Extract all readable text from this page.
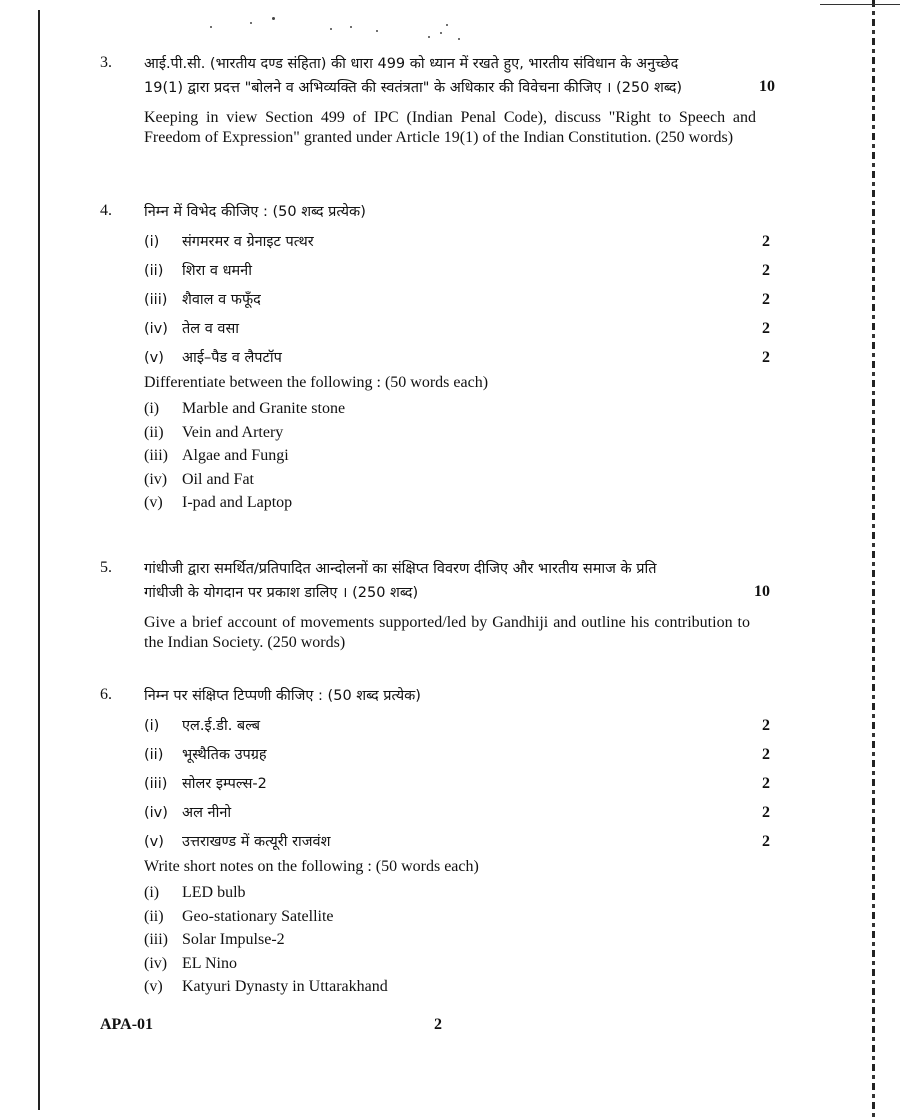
3.	आई.पी.सी. (भारतीय दण्ड संहिता) की धारा 499 को ध्यान में रखते हुए, भारतीय संविधान के अनुच्छेद
19(1) द्वारा प्रदत्त "बोलने व अभिव्यक्ति की स्वतंत्रता" के अधिकार की विवेचना कीजिए । (250 शब्द)
Keeping in view Section 499 of IPC (Indian Penal Code), discuss "Right to Speech and Freedom of Expression" granted under Article 19(1) of the Indian Constitution. (250 words)
10
4.	निम्न में विभेद कीजिए : (50 शब्द प्रत्येक)
(i)	संगमरमर व ग्रेनाइट पत्थर	2
(ii)	शिरा व धमनी	2
(iii)	शैवाल व फफूँद	2
(iv) तेल व वसा	2
(v)	आई–पैड व लैपटॉप	2
Differentiate between the following : (50 words each)
(i)	Marble and Granite stone
(ii)	Vein and Artery
(iii) Algae and Fungi
(iv) Oil and Fat
(v)	I-pad and Laptop
5.	गांधीजी द्वारा समर्थित/प्रतिपादित आन्दोलनों का संक्षिप्त विवरण दीजिए और भारतीय समाज के प्रति
गांधीजी के योगदान पर प्रकाश डालिए । (250 शब्द)
Give a brief account of movements supported/led by Gandhiji and outline his contribution to the Indian Society. (250 words)
10
6.	निम्न पर संक्षिप्त टिप्पणी कीजिए : (50 शब्द प्रत्येक)
(i)	एल.ई.डी. बल्ब	2
(ii)	भूस्थैतिक उपग्रह	2
(iii)	सोलर इम्पल्स-2	2
(iv) अल नीनो	2
(v)	उत्तराखण्ड में कत्यूरी राजवंश	2
Write short notes on the following : (50 words each)
(i)	LED bulb
(ii)	Geo-stationary Satellite
(iii) Solar Impulse-2
(iv) EL Nino
(v)	Katyuri Dynasty in Uttarakhand
APA-01	2
